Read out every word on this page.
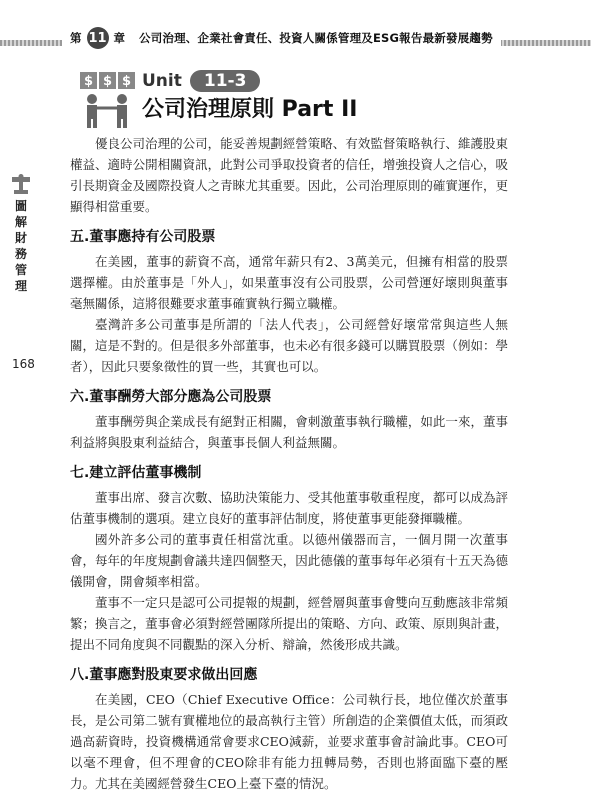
第 11 章 公司治理、企業社會責任、投資人關係管理及ESG報告最新發展趨勢
$ $ $ Unit	11-3
公司治理原則 Part II
圖
解
財
務
管
理
168

優良公司治理的公司，能妥善規劃經營策略、有效監督策略執行、維護股東權益、適時公開相關資訊，此對公司爭取投資者的信任，增強投資人之信心，吸引長期資金及國際投資人之青睞尤其重要。因此，公司治理原則的確實運作，更顯得相當重要。

五.董事應持有公司股票

在美國，董事的薪資不高，通常年薪只有2、3萬美元，但擁有相當的股票選擇權。由於董事是「外人」，如果董事沒有公司股票，公司營運好壞則與董事毫無關係，這將很難要求董事確實執行獨立職權。

臺灣許多公司董事是所謂的「法人代表」，公司經營好壞常常與這些人無關，這是不對的。但是很多外部董事，也未必有很多錢可以購買股票（例如：學者），因此只要象徵性的買一些，其實也可以。

六.董事酬勞大部分應為公司股票

董事酬勞與企業成長有絕對正相關，會刺激董事執行職權，如此一來，董事利益將與股東利益結合，與董事長個人利益無關。

七.建立評估董事機制

董事出席、發言次數、協助決策能力、受其他董事敬重程度，都可以成為評估董事機制的選項。建立良好的董事評估制度，將使董事更能發揮職權。

國外許多公司的董事責任相當沈重。以德州儀器而言，一個月開一次董事會，每年的年度規劃會議共達四個整天，因此德儀的董事每年必須有十五天為德儀開會，開會頻率相當。

董事不一定只是認可公司提報的規劃，經營層與董事會雙向互動應該非常頻繁；換言之，董事會必須對經營團隊所提出的策略、方向、政策、原則與計畫，提出不同角度與不同觀點的深入分析、辯論，然後形成共識。

八.董事應對股東要求做出回應

在美國，CEO（Chief Executive Office：公司執行長，地位僅次於董事長，是公司第二號有實權地位的最高執行主管）所創造的企業價值太低，而須政過高薪資時，投資機構通常會要求CEO減薪，並要求董事會討論此事。CEO可以毫不理會，但不理會的CEO除非有能力扭轉局勢，否則也將面臨下臺的壓力。尤其在美國經營發生CEO上臺下臺的情況。
